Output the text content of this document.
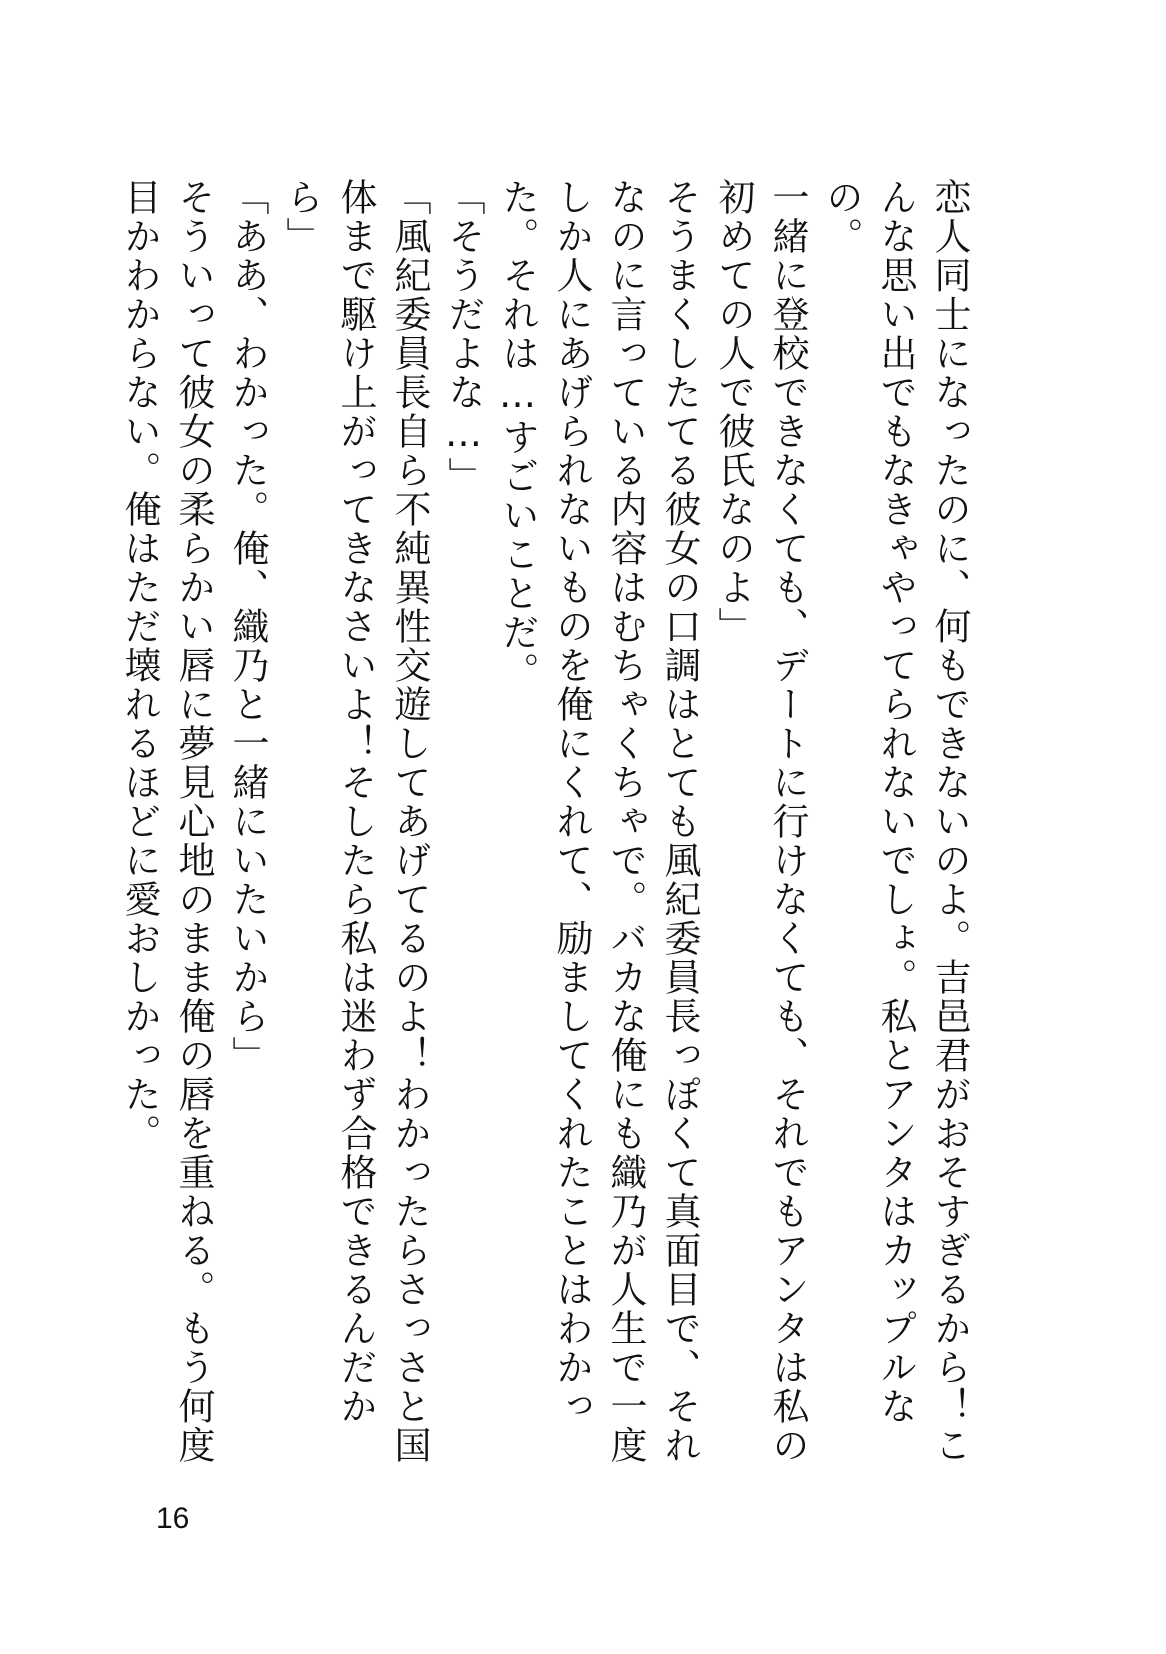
恋人同士になったのに、何もできないのよ。吉邑君がおそすぎるから！こんな思い出でもなきゃやってられないでしょ。私とアンタはカップルなの。

一緒に登校できなくても、デートに行けなくても、それでもアンタは私の初めての人で彼氏なのよ」

そうまくしたてる彼女の口調はとても風紀委員長っぽくて真面目で、それなのに言っている内容はむちゃくちゃで。バカな俺にも織乃が人生で一度しか人にあげられないものを俺にくれて、励ましてくれたことはわかった。それは…すごいことだ。

「そうだよな…」

「風紀委員長自ら不純異性交遊してあげてるのよ！わかったらさっさと国体まで駆け上がってきなさいよ！そしたら私は迷わず合格できるんだから」

「ああ、わかった。俺、織乃と一緒にいたいから」

そういって彼女の柔らかい唇に夢見心地のまま俺の唇を重ねる。もう何度目かわからない。俺はただ壊れるほどに愛おしかった。

16
